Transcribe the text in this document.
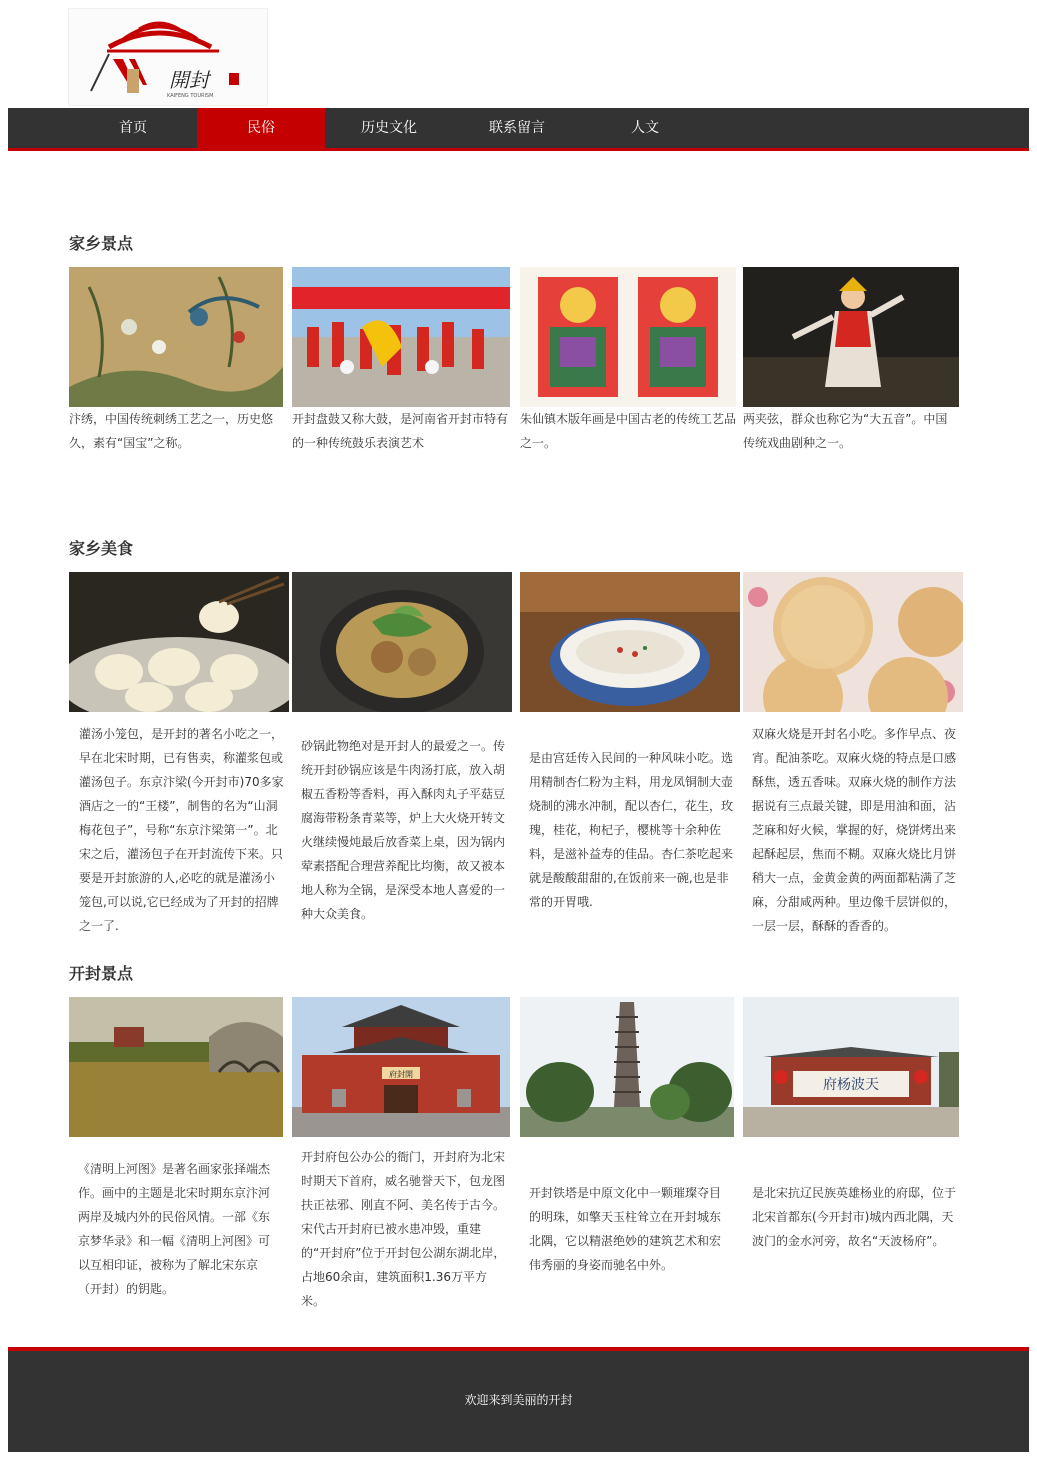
開封
KAIFENG TOURISM
首页	民俗	历史文化	联系留言	人文
家乡景点

汴绣，中国传统刺绣工艺之一，历史悠久，素有“国宝”之称。

开封盘鼓又称大鼓，是河南省开封市特有的一种传统鼓乐表演艺术

朱仙镇木版年画是中国古老的传统工艺品之一。

两夹弦，群众也称它为“大五音”。中国传统戏曲剧种之一。

家乡美食

灌汤小笼包，是开封的著名小吃之一，早在北宋时期，已有售卖，称灌浆包或灌汤包子。东京汴梁(今开封市)70多家酒店之一的“王楼”，制售的名为“山洞梅花包子”，号称“东京汴梁第一”。北宋之后，灌汤包子在开封流传下来。只要是开封旅游的人,必吃的就是灌汤小笼包,可以说,它已经成为了开封的招牌之一了.

砂锅此物绝对是开封人的最爱之一。传统开封砂锅应该是牛肉汤打底，放入胡椒五香粉等香料，再入酥肉丸子平菇豆腐海带粉条青菜等，炉上大火烧开转文火继续慢炖最后放香菜上桌，因为锅内荤素搭配合理营养配比均衡，故又被本地人称为全锅，是深受本地人喜爱的一种大众美食。

是由宫廷传入民间的一种风味小吃。选用精制杏仁粉为主料，用龙凤铜制大壶烧制的沸水冲制，配以杏仁，花生，玫瑰，桂花，枸杞子，樱桃等十余种佐料，是滋补益寿的佳品。杏仁茶吃起来就是酸酸甜甜的,在饭前来一碗,也是非常的开胃哦.

双麻火烧是开封名小吃。多作早点、夜宵。配油茶吃。双麻火烧的特点是口感酥焦，透五香味。双麻火烧的制作方法据说有三点最关键，即是用油和面，沾芝麻和好火候，掌握的好，烧饼烤出来起酥起层，焦而不糊。双麻火烧比月饼稍大一点，金黄金黄的两面都粘满了芝麻，分甜咸两种。里边像千层饼似的，一层一层，酥酥的香香的。

开封景点

《清明上河图》是著名画家张择端杰作。画中的主题是北宋时期东京汴河两岸及城内外的民俗风情。一部《东京梦华录》和一幅《清明上河图》可以互相印证，被称为了解北宋东京（开封）的钥匙。

府封開

开封府包公办公的衙门，开封府为北宋时期天下首府，威名驰誉天下，包龙图扶正祛邪、刚直不阿、美名传于古今。宋代古开封府已被水患冲毁，重建的“开封府”位于开封包公湖东湖北岸，占地60余亩，建筑面积1.36万平方米。

开封铁塔是中原文化中一颗璀璨夺目的明珠，如擎天玉柱耸立在开封城东北隅，它以精湛绝妙的建筑艺术和宏伟秀丽的身姿而驰名中外。

府杨波天

是北宋抗辽民族英雄杨业的府邸，位于北宋首都东(今开封市)城内西北隅，天波门的金水河旁，故名“天波杨府”。

欢迎来到美丽的开封
